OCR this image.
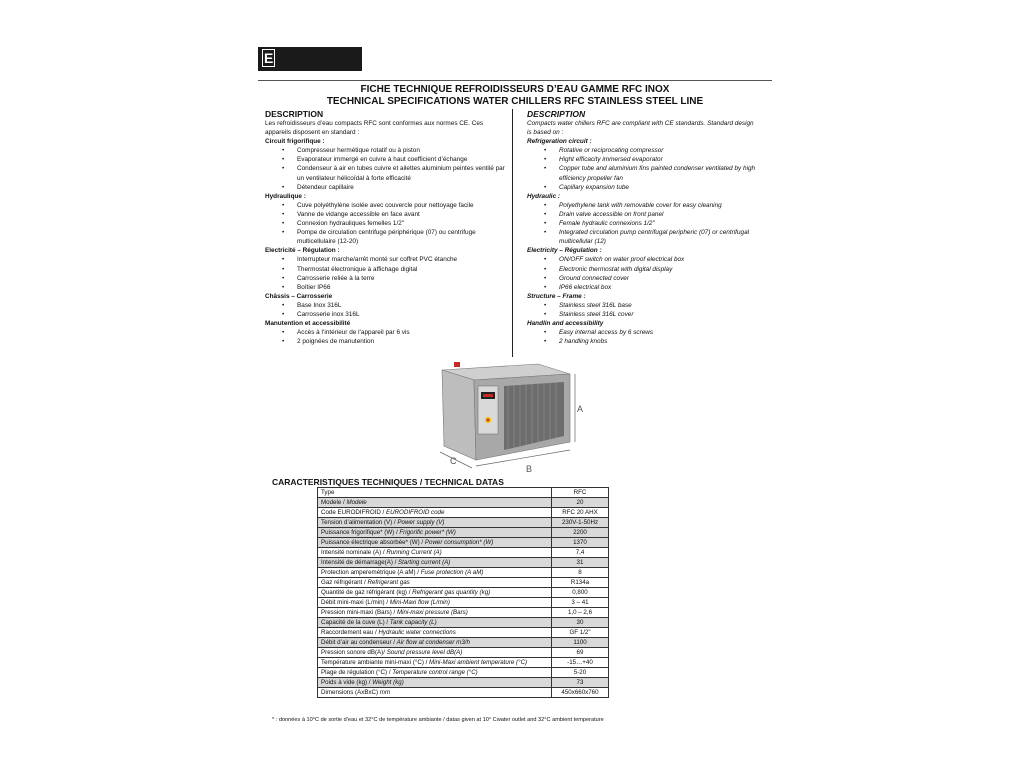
EURODIFROID®
FICHE TECHNIQUE REFROIDISSEURS D’EAU GAMME RFC INOX
TECHNICAL SPECIFICATIONS WATER CHILLERS RFC STAINLESS STEEL LINE
DESCRIPTION

Les refroidisseurs d’eau compacts RFC sont conformes aux normes CE. Ces appareils disposent en standard :

Circuit frigorifique :
• Compresseur hermétique rotatif ou à piston
• Evaporateur immergé en cuivre à haut coefficient d’échange
• Condenseur à air en tubes cuivre et ailettes aluminium peintes ventilé par un ventilateur hélicoïdal à forte efficacité
• Détendeur capillaire
Hydraulique :
• Cuve polyéthylène isolée avec couvercle pour nettoyage facile
• Vanne de vidange accessible en face avant
• Connexion hydrauliques femelles 1/2"
• Pompe de circulation centrifuge périphérique (07) ou centrifuge multicellulaire (12-20)
Electricité – Régulation :
• Interrupteur marche/arrêt monté sur coffret PVC étanche
• Thermostat électronique à affichage digital
• Carrosserie reliée à la terre
• Boîtier IP66
Châssis – Carrosserie
• Base Inox 316L
• Carrosserie inox 316L
Manutention et accessibilité
• Accès à l’intérieur de l’appareil par 6 vis
• 2 poignées de manutention
DESCRIPTION

Compacts water chillers RFC are compliant with CE standards. Standard design is based on :

Refrigeration circuit :
• Rotative or reciprocating compressor
• Hight efficacity immersed evaporator
• Copper tube and aluminium fins painted condenser ventilated by high efficiency propeller fan
• Capillary expansion tube
Hydraulic :
• Polyethylene tank with removable cover for easy cleaning
• Drain valve accessible on front panel
• Female hydraulic connexions 1/2"
• Integrated circulation pump centrifugal peripheric (07) or centrifugal multicellular (12)
Electricity – Régulation :
• ON/OFF switch on water proof electrical box
• Electronic thermostat with digital display
• Ground connected cover
• IP66 electrical box
Structure – Frame :
• Stainless steel 316L base
• Stainless steel 316L cover
Handlin and accessibility
• Easy internal access by 6 screws
• 2 handling knobs
A
B
C
CARACTERISTIQUES TECHNIQUES / TECHNICAL DATAS
Type	RFC
Modele / Modele	20
Code EURODIFROID / EURODIFROID code	RFC 20 AHX
Tension d’alimentation (V) / Power supply (V)	230V-1-50Hz
Puissance frigorifique* (W) / Frigorific power* (W)	2200
Puissance électrique absorbée* (W) / Power consumption* (W)	1370
Intensité nominale (A) / Running Current (A)	7,4
Intensité de démarrage(A) / Starting current (A)	31
Protection amperemétrique (A aM) / Fuse protection (A aM)	8
Gaz réfrigérant / Refrigerant gas	R134a
Quantité de gaz réfrigérant (kg) / Refrigerant gas quantity (kg)	0,800
Débit mini-maxi (L/min) / Mini-Maxi flow (L/min)	3 – 41
Pression mini-maxi (Bars) / Mini-maxi pressure (Bars)	1,0 – 2,6
Capacité de la cuve (L) / Tank capacity (L)	30
Raccordement eau / Hydraulic water connections	GF 1/2"
Débit d’air au condenseur / Air flow at condenser m3/h	1100
Pression sonore dB(A)/ Sound pressure level dB(A)	69
Température ambiante mini-maxi (°C) / Mini-Maxi ambient temperature (°C)	-15…+40
Plage de régulation (°C) / Temperature control range (°C)	5-20
Poids à vide (kg) / Weight (kg)	73
Dimensions (AxBxC) mm	450x660x760
* : données à 10°C de sortie d’eau et 32°C de température ambiante / datas given at 10° Cwater outlet and 32°C ambient temperature
